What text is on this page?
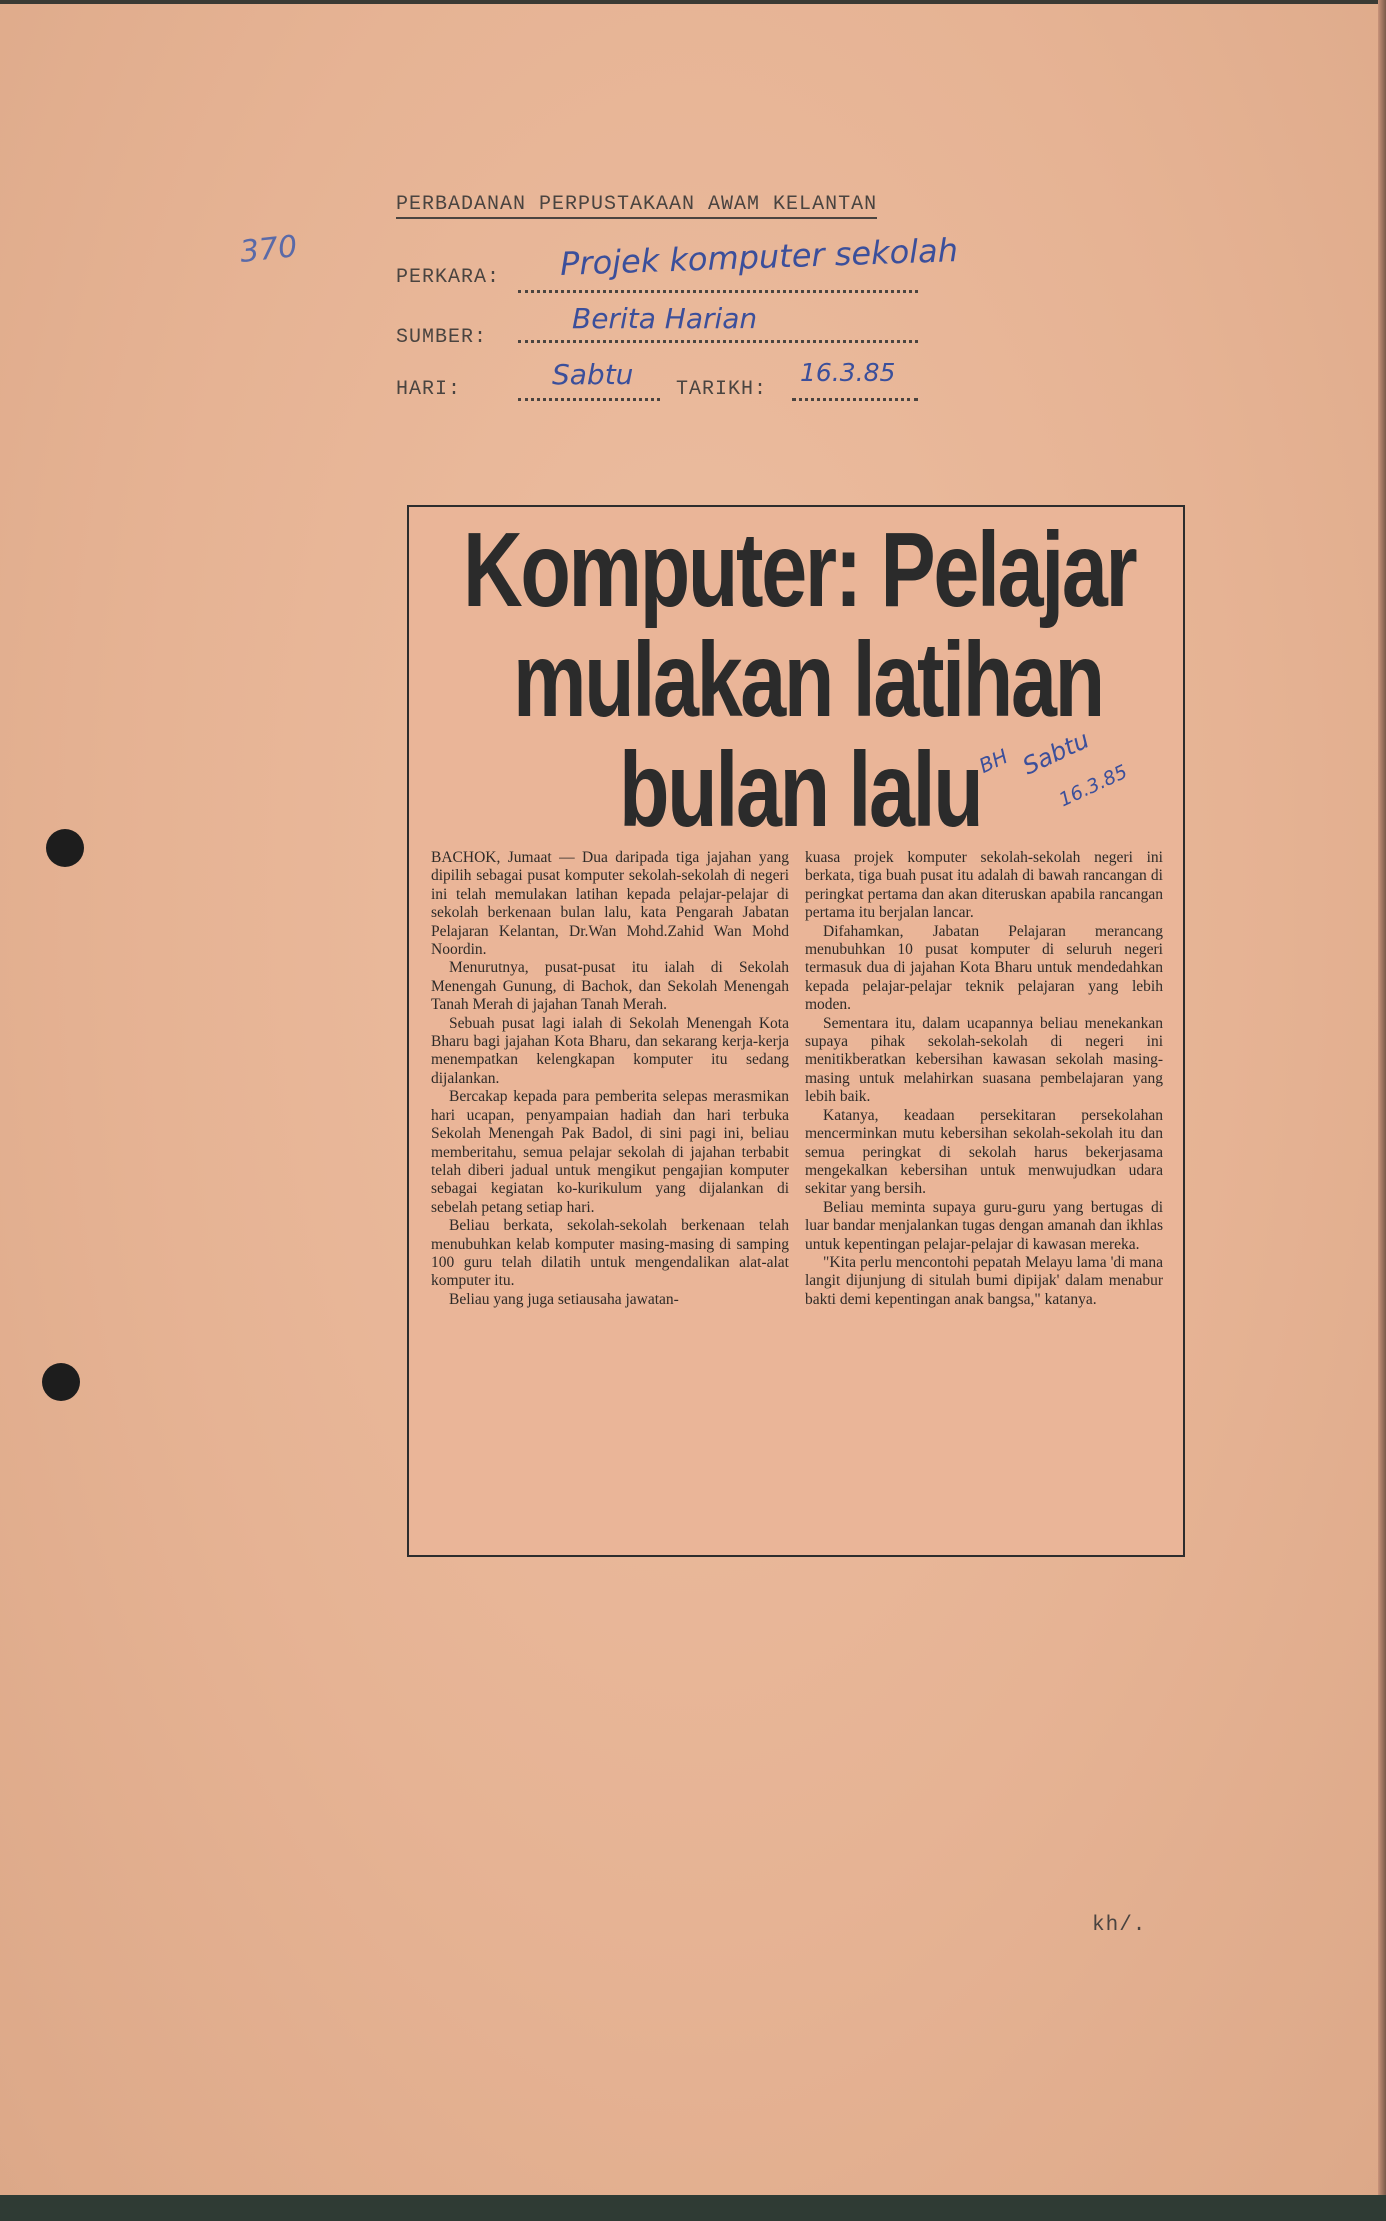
370
PERBADANAN PERPUSTAKAAN AWAM KELANTAN
PERKARA: Projek komputer sekolah
SUMBER:
Berita Harian
HARI:	Sabtu TARIKH:
16.3.85
Komputer: Pelajar
mulakan latihan
bulan lalu
BH Sabtu
16.3.85

BACHOK, Jumaat — Dua daripada tiga jajahan yang dipilih sebagai pusat komputer sekolah-sekolah di negeri ini telah memulakan latihan kepada pelajar-pelajar di sekolah berkenaan bulan lalu, kata Pengarah Jabatan Pelajaran Kelantan, Dr.Wan Mohd.Zahid Wan Mohd Noordin.

Menurutnya, pusat-pusat itu ialah di Sekolah Menengah Gunung, di Bachok, dan Sekolah Menengah Tanah Merah di jajahan Tanah Merah.

Sebuah pusat lagi ialah di Sekolah Menengah Kota Bharu bagi jajahan Kota Bharu, dan sekarang kerja-kerja menempatkan kelengkapan komputer itu sedang dijalankan.

Bercakap kepada para pemberita selepas merasmikan hari ucapan, penyampaian hadiah dan hari terbuka Sekolah Menengah Pak Badol, di sini pagi ini, beliau memberitahu, semua pelajar sekolah di jajahan terbabit telah diberi jadual untuk mengikut pengajian komputer sebagai kegiatan ko-kurikulum yang dijalankan di sebelah petang setiap hari.

Beliau berkata, sekolah-sekolah berkenaan telah menubuhkan kelab komputer masing-masing di samping 100 guru telah dilatih untuk mengendalikan alat-alat komputer itu.

Beliau yang juga setiausaha jawatan-

kuasa projek komputer sekolah-sekolah negeri ini berkata, tiga buah pusat itu adalah di bawah rancangan di peringkat pertama dan akan diteruskan apabila rancangan pertama itu berjalan lancar.

Difahamkan, Jabatan Pelajaran merancang menubuhkan 10 pusat komputer di seluruh negeri termasuk dua di jajahan Kota Bharu untuk mendedahkan kepada pelajar-pelajar teknik pelajaran yang lebih moden.

Sementara itu, dalam ucapannya beliau menekankan supaya pihak sekolah-sekolah di negeri ini menitikberatkan kebersihan kawasan sekolah masing-masing untuk melahirkan suasana pembelajaran yang lebih baik.

Katanya, keadaan persekitaran persekolahan mencerminkan mutu kebersihan sekolah-sekolah itu dan semua peringkat di sekolah harus bekerjasama mengekalkan kebersihan untuk menwujudkan udara sekitar yang bersih.

Beliau meminta supaya guru-guru yang bertugas di luar bandar menjalankan tugas dengan amanah dan ikhlas untuk kepentingan pelajar-pelajar di kawasan mereka.

"Kita perlu mencontohi pepatah Melayu lama 'di mana langit dijunjung di situlah bumi dipijak' dalam menabur bakti demi kepentingan anak bangsa," katanya.

kh/.
